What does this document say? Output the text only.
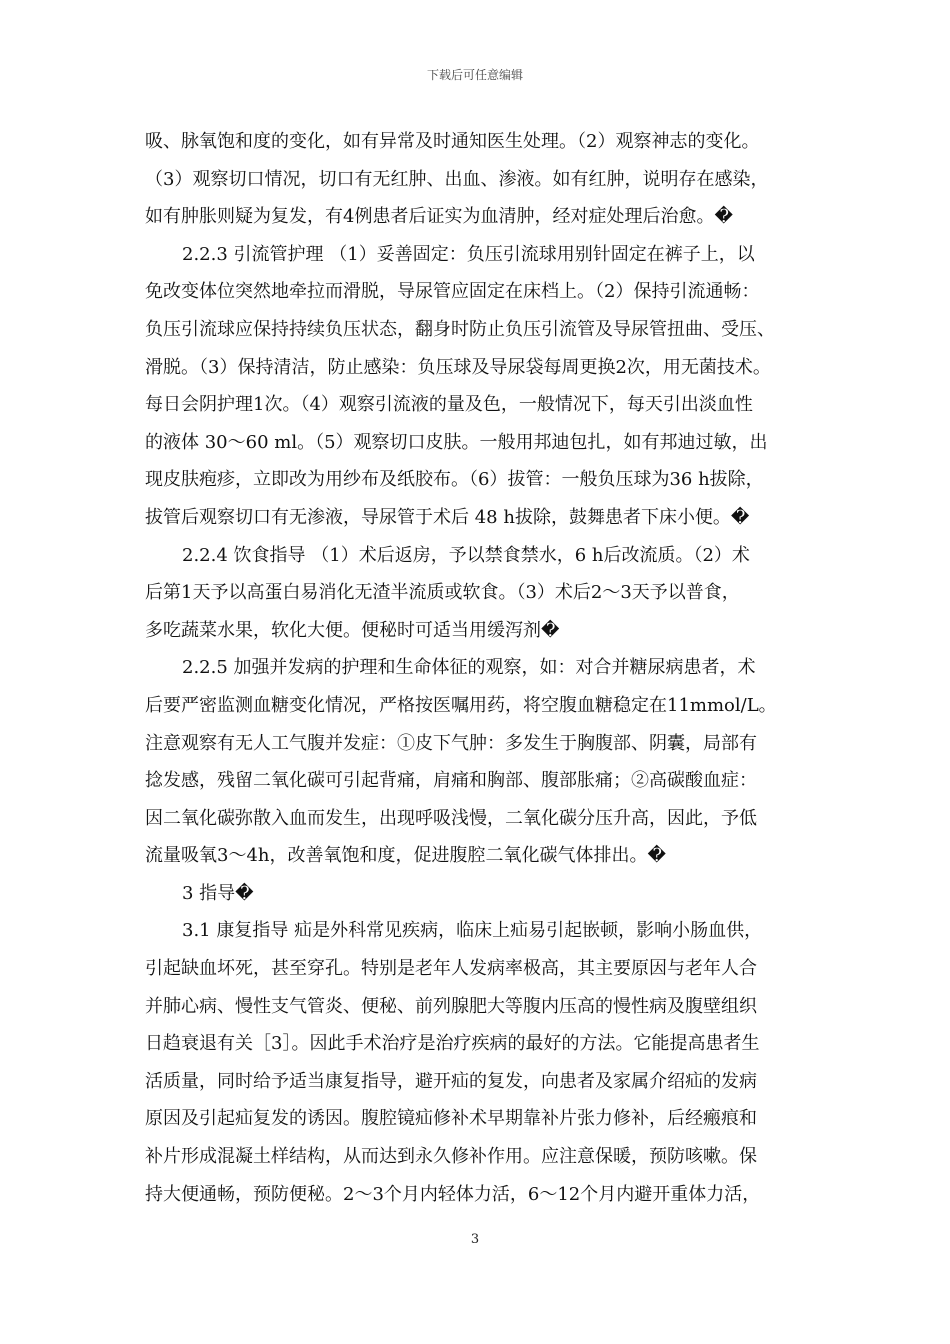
下载后可任意编辑
吸、脉氧饱和度的变化，如有异常及时通知医生处理。（2）观察神志的变化。
（3）观察切口情况，切口有无红肿、出血、渗液。如有红肿，说明存在感染，
如有肿胀则疑为复发，有4例患者后证实为血清肿，经对症处理后治愈。�
2.2.3 引流管护理 （1）妥善固定：负压引流球用别针固定在裤子上，以
免改变体位突然地牵拉而滑脱，导尿管应固定在床档上。（2）保持引流通畅：
负压引流球应保持持续负压状态，翻身时防止负压引流管及导尿管扭曲、受压、
滑脱。（3）保持清洁，防止感染：负压球及导尿袋每周更换2次，用无菌技术。
每日会阴护理1次。（4）观察引流液的量及色，一般情况下，每天引出淡血性
的液体 30～60 ml。（5）观察切口皮肤。一般用邦迪包扎，如有邦迪过敏，出
现皮肤疱疹，立即改为用纱布及纸胶布。（6）拔管：一般负压球为36 h拔除，
拔管后观察切口有无渗液，导尿管于术后 48 h拔除，鼓舞患者下床小便。�
2.2.4 饮食指导 （1）术后返房，予以禁食禁水，6 h后改流质。（2）术
后第1天予以高蛋白易消化无渣半流质或软食。（3）术后2～3天予以普食，
多吃蔬菜水果，软化大便。便秘时可适当用缓泻剂�
2.2.5 加强并发病的护理和生命体征的观察，如：对合并糖尿病患者，术
后要严密监测血糖变化情况，严格按医嘱用药，将空腹血糖稳定在11mmol/L。
注意观察有无人工气腹并发症：①皮下气肿：多发生于胸腹部、阴囊，局部有
捻发感，残留二氧化碳可引起背痛，肩痛和胸部、腹部胀痛；②高碳酸血症：
因二氧化碳弥散入血而发生，出现呼吸浅慢，二氧化碳分压升高，因此，予低
流量吸氧3～4h，改善氧饱和度，促进腹腔二氧化碳气体排出。�
3 指导�
3.1 康复指导 疝是外科常见疾病，临床上疝易引起嵌顿，影响小肠血供，
引起缺血坏死，甚至穿孔。特别是老年人发病率极高，其主要原因与老年人合
并肺心病、慢性支气管炎、便秘、前列腺肥大等腹内压高的慢性病及腹壁组织
日趋衰退有关［3］。因此手术治疗是治疗疾病的最好的方法。它能提高患者生
活质量，同时给予适当康复指导，避开疝的复发，向患者及家属介绍疝的发病
原因及引起疝复发的诱因。腹腔镜疝修补术早期靠补片张力修补，后经瘢痕和
补片形成混凝土样结构，从而达到永久修补作用。应注意保暖，预防咳嗽。保
持大便通畅，预防便秘。2～3个月内轻体力活，6～12个月内避开重体力活，
3
